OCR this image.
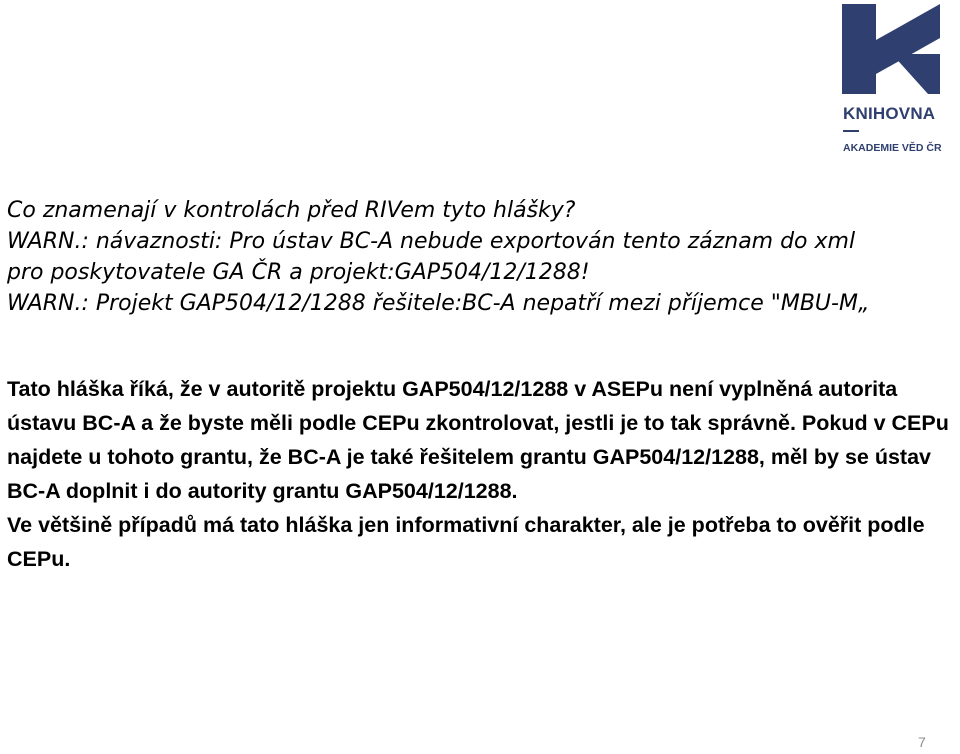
KNIHOVNA
AKADEMIE VĚD ČR

Co znamenají v kontrolách před RIVem tyto hlášky?

WARN.: návaznosti: Pro ústav BC-A nebude exportován tento záznam do xml

pro poskytovatele GA ČR a projekt:GAP504/12/1288!

WARN.: Projekt GAP504/12/1288 řešitele:BC-A nepatří mezi příjemce "MBU-M„

Tato hláška říká, že v autoritě projektu GAP504/12/1288 v ASEPu není vyplněná autorita ústavu BC-A a že byste měli podle CEPu zkontrolovat, jestli je to tak správně. Pokud v CEPu najdete u tohoto grantu, že BC-A je také řešitelem grantu GAP504/12/1288, měl by se ústav BC-A doplnit i do autority grantu GAP504/12/1288.

Ve většině případů má tato hláška jen informativní charakter, ale je potřeba to ověřit podle CEPu.

7
